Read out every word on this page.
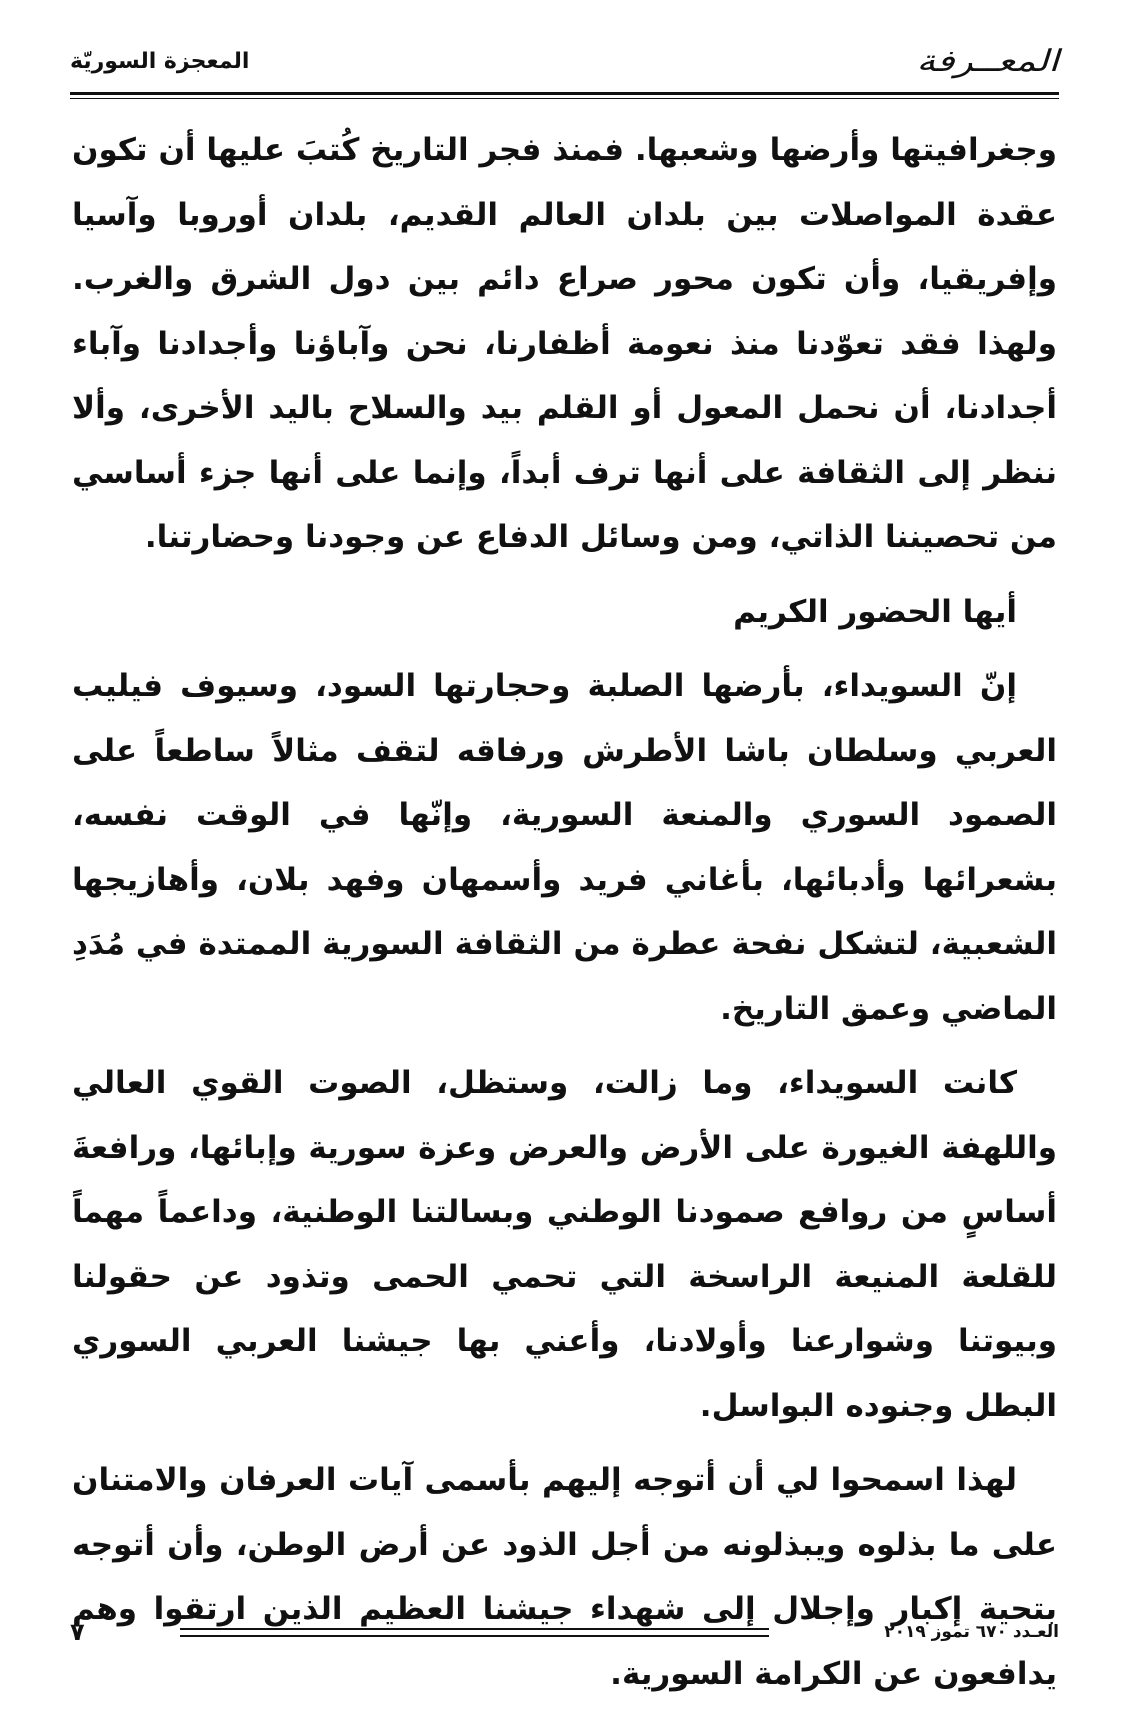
المعــرفة
المعجزة السوريّة

وجغرافيتها وأرضها وشعبها. فمنذ فجر التاريخ كُتبَ عليها أن تكون عقدة المواصلات بين بلدان العالم القديم، بلدان أوروبا وآسيا وإفريقيا، وأن تكون محور صراع دائم بين دول الشرق والغرب. ولهذا فقد تعوّدنا منذ نعومة أظفارنا، نحن وآباؤنا وأجدادنا وآباء أجدادنا، أن نحمل المعول أو القلم بيد والسلاح باليد الأخرى، وألا ننظر إلى الثقافة على أنها ترف أبداً، وإنما على أنها جزء أساسي من تحصيننا الذاتي، ومن وسائل الدفاع عن وجودنا وحضارتنا.

أيها الحضور الكريم

إنّ السويداء، بأرضها الصلبة وحجارتها السود، وسيوف فيليب العربي وسلطان باشا الأطرش ورفاقه لتقف مثالاً ساطعاً على الصمود السوري والمنعة السورية، وإنّها في الوقت نفسه، بشعرائها وأدبائها، بأغاني فريد وأسمهان وفهد بلان، وأهازيجها الشعبية، لتشكل نفحة عطرة من الثقافة السورية الممتدة في مُدَدِ الماضي وعمق التاريخ.

كانت السويداء، وما زالت، وستظل، الصوت القوي العالي واللهفة الغيورة على الأرض والعرض وعزة سورية وإبائها، ورافعةَ أساسٍ من روافع صمودنا الوطني وبسالتنا الوطنية، وداعماً مهماً للقلعة المنيعة الراسخة التي تحمي الحمى وتذود عن حقولنا وبيوتنا وشوارعنا وأولادنا، وأعني بها جيشنا العربي السوري البطل وجنوده البواسل.

لهذا اسمحوا لي أن أتوجه إليهم بأسمى آيات العرفان والامتنان على ما بذلوه ويبذلونه من أجل الذود عن أرض الوطن، وأن أتوجه بتحية إكبار وإجلال إلى شهداء جيشنا العظيم الذين ارتقوا وهم يدافعون عن الكرامة السورية.

العـدد ٦٧٠ تموز ٢٠١٩
٧
